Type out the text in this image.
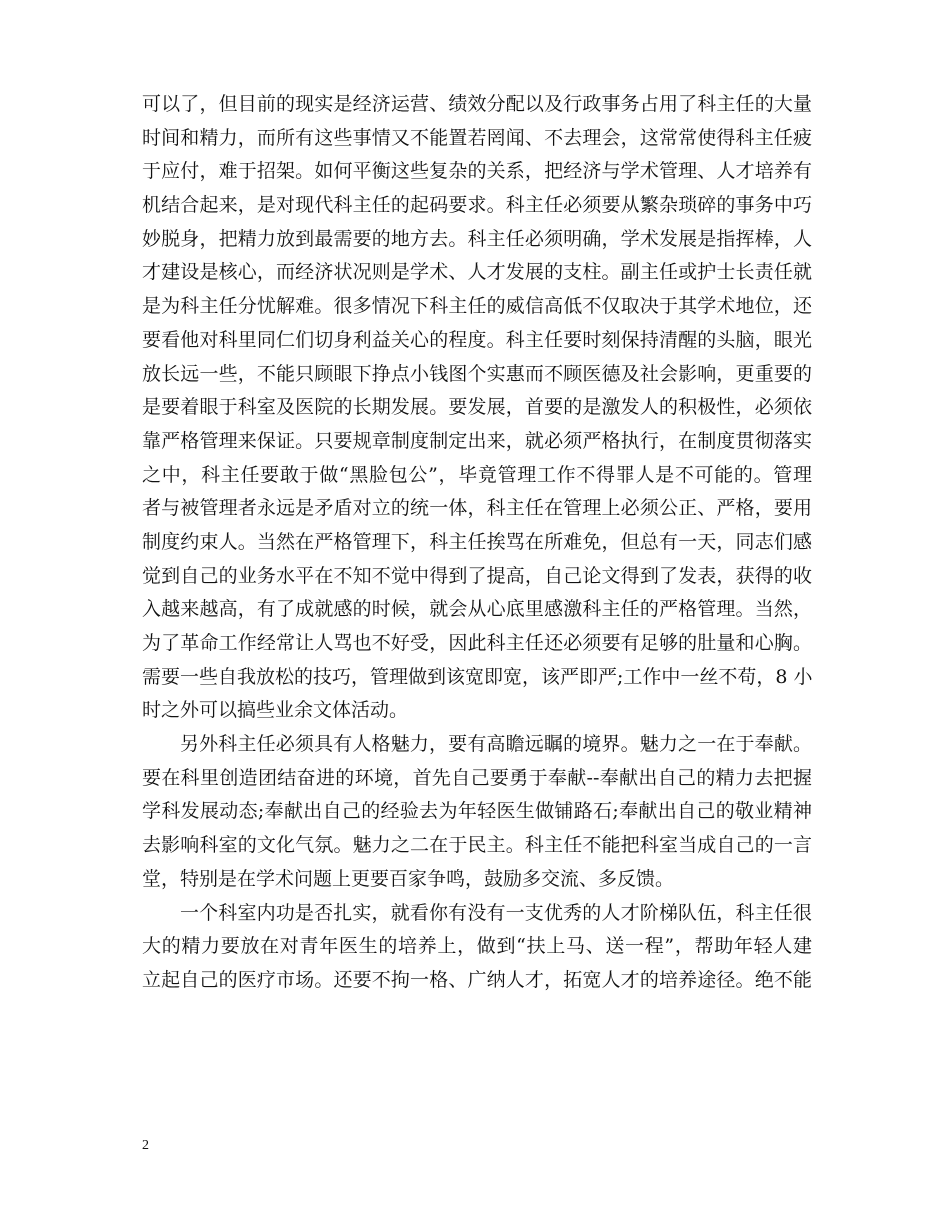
可以了，但目前的现实是经济运营、绩效分配以及行政事务占用了科主任的大量
时间和精力，而所有这些事情又不能置若罔闻、不去理会，这常常使得科主任疲
于应付，难于招架。如何平衡这些复杂的关系，把经济与学术管理、人才培养有
机结合起来，是对现代科主任的起码要求。科主任必须要从繁杂琐碎的事务中巧
妙脱身，把精力放到最需要的地方去。科主任必须明确，学术发展是指挥棒，人
才建设是核心，而经济状况则是学术、人才发展的支柱。副主任或护士长责任就
是为科主任分忧解难。很多情况下科主任的威信高低不仅取决于其学术地位，还
要看他对科里同仁们切身利益关心的程度。科主任要时刻保持清醒的头脑，眼光
放长远一些，不能只顾眼下挣点小钱图个实惠而不顾医德及社会影响，更重要的
是要着眼于科室及医院的长期发展。要发展，首要的是激发人的积极性，必须依
靠严格管理来保证。只要规章制度制定出来，就必须严格执行，在制度贯彻落实
之中，科主任要敢于做“黑脸包公”，毕竟管理工作不得罪人是不可能的。管理
者与被管理者永远是矛盾对立的统一体，科主任在管理上必须公正、严格，要用
制度约束人。当然在严格管理下，科主任挨骂在所难免，但总有一天，同志们感
觉到自己的业务水平在不知不觉中得到了提高，自己论文得到了发表，获得的收
入越来越高，有了成就感的时候，就会从心底里感激科主任的严格管理。当然，
为了革命工作经常让人骂也不好受，因此科主任还必须要有足够的肚量和心胸。
需要一些自我放松的技巧，管理做到该宽即宽，该严即严;工作中一丝不苟，8 小
时之外可以搞些业余文体活动。
另外科主任必须具有人格魅力，要有高瞻远瞩的境界。魅力之一在于奉献。
要在科里创造团结奋进的环境，首先自己要勇于奉献--奉献出自己的精力去把握
学科发展动态;奉献出自己的经验去为年轻医生做铺路石;奉献出自己的敬业精神
去影响科室的文化气氛。魅力之二在于民主。科主任不能把科室当成自己的一言
堂，特别是在学术问题上更要百家争鸣，鼓励多交流、多反馈。
一个科室内功是否扎实，就看你有没有一支优秀的人才阶梯队伍，科主任很
大的精力要放在对青年医生的培养上，做到“扶上马、送一程”，帮助年轻人建
立起自己的医疗市场。还要不拘一格、广纳人才，拓宽人才的培养途径。绝不能
2
